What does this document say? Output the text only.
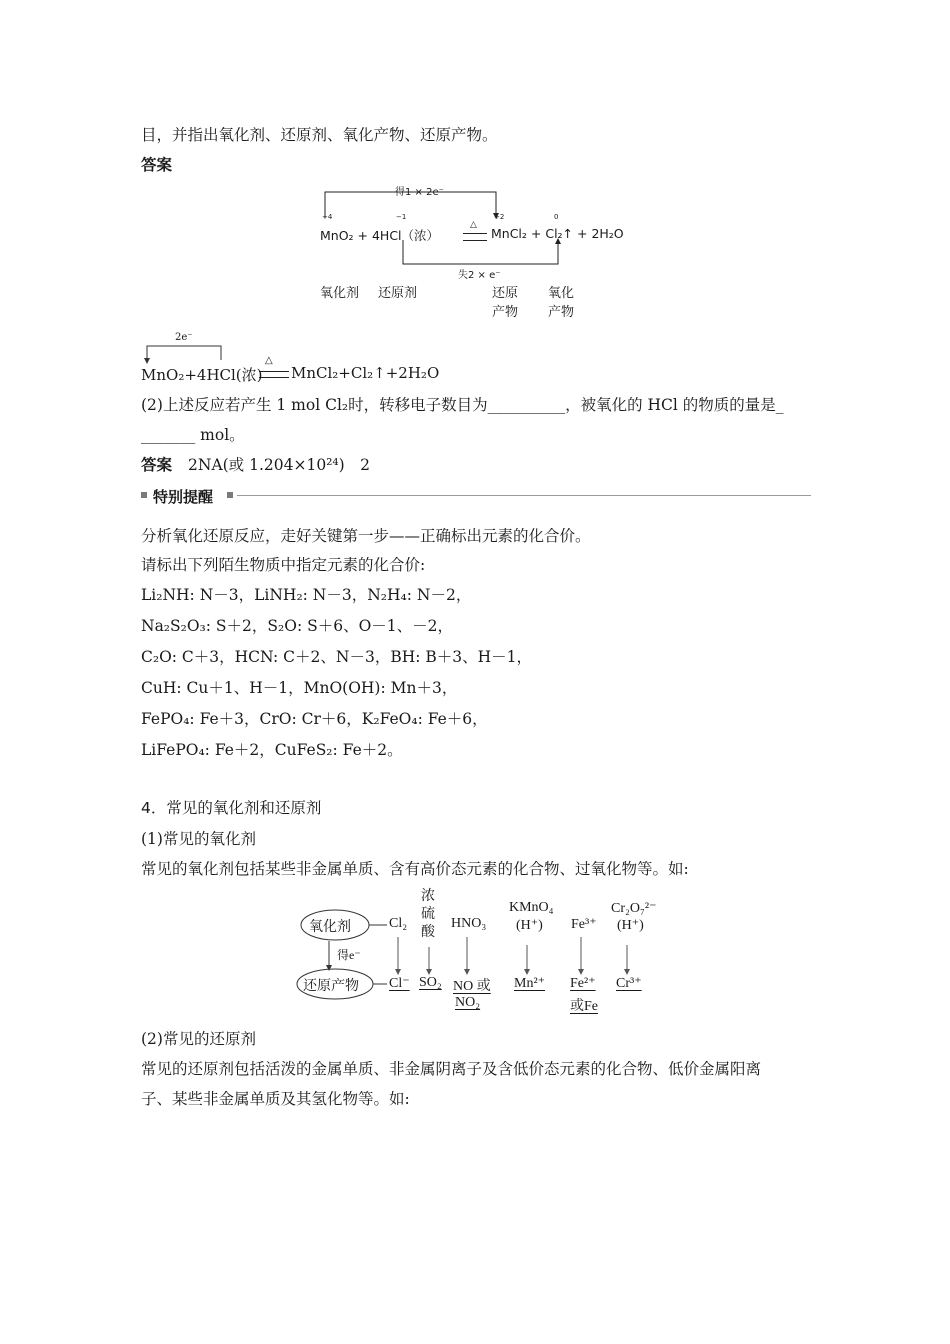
目，并指出氧化剂、还原剂、氧化产物、还原产物。
答案
得1 × 2e⁻
+4	−1	+2	0
MnO₂ + 4HCl（浓）
△
MnCl₂ + Cl₂↑ + 2H₂O
失2 × e⁻
氧化剂 还原剂	还原
产物
氧化
产物
2e⁻
MnO₂+4HCl(浓)
△
MnCl₂+Cl₂↑+2H₂O
(2)上述反应若产生 1 mol Cl₂时，转移电子数目为__________，被氧化的 HCl 的物质的量是_
_______ mol。
答案 2NA(或 1.204×10²⁴)　2
特别提醒
分析氧化还原反应，走好关键第一步——正确标出元素的化合价。
请标出下列陌生物质中指定元素的化合价:
Li₂NH: N－3，LiNH₂: N－3，N₂H₄: N－2，
Na₂S₂O₃: S＋2，S₂O: S＋6、O－1、－2，
C₂O: C＋3，HCN: C＋2、N－3，BH: B＋3、H－1，
CuH: Cu＋1、H－1，MnO(OH): Mn＋3，
FePO₄: Fe＋3，CrO: Cr＋6，K₂FeO₄: Fe＋6，
LiFePO₄: Fe＋2，CuFeS₂: Fe＋2。
4．常见的氧化剂和还原剂
(1)常见的氧化剂
常见的氧化剂包括某些非金属单质、含有高价态元素的化合物、过氧化物等。如:
氧化剂
还原产物
得e⁻
Cl₂
浓
硫
酸
HNO₃
KMnO₄
(H⁺) Fe³⁺
Cr₂O₇²⁻
(H⁺)
Cl⁻ SO₂ NO 或
NO₂
Mn²⁺ Fe²⁺
或Fe
Cr³⁺
(2)常见的还原剂
常见的还原剂包括活泼的金属单质、非金属阴离子及含低价态元素的化合物、低价金属阳离
子、某些非金属单质及其氢化物等。如:
